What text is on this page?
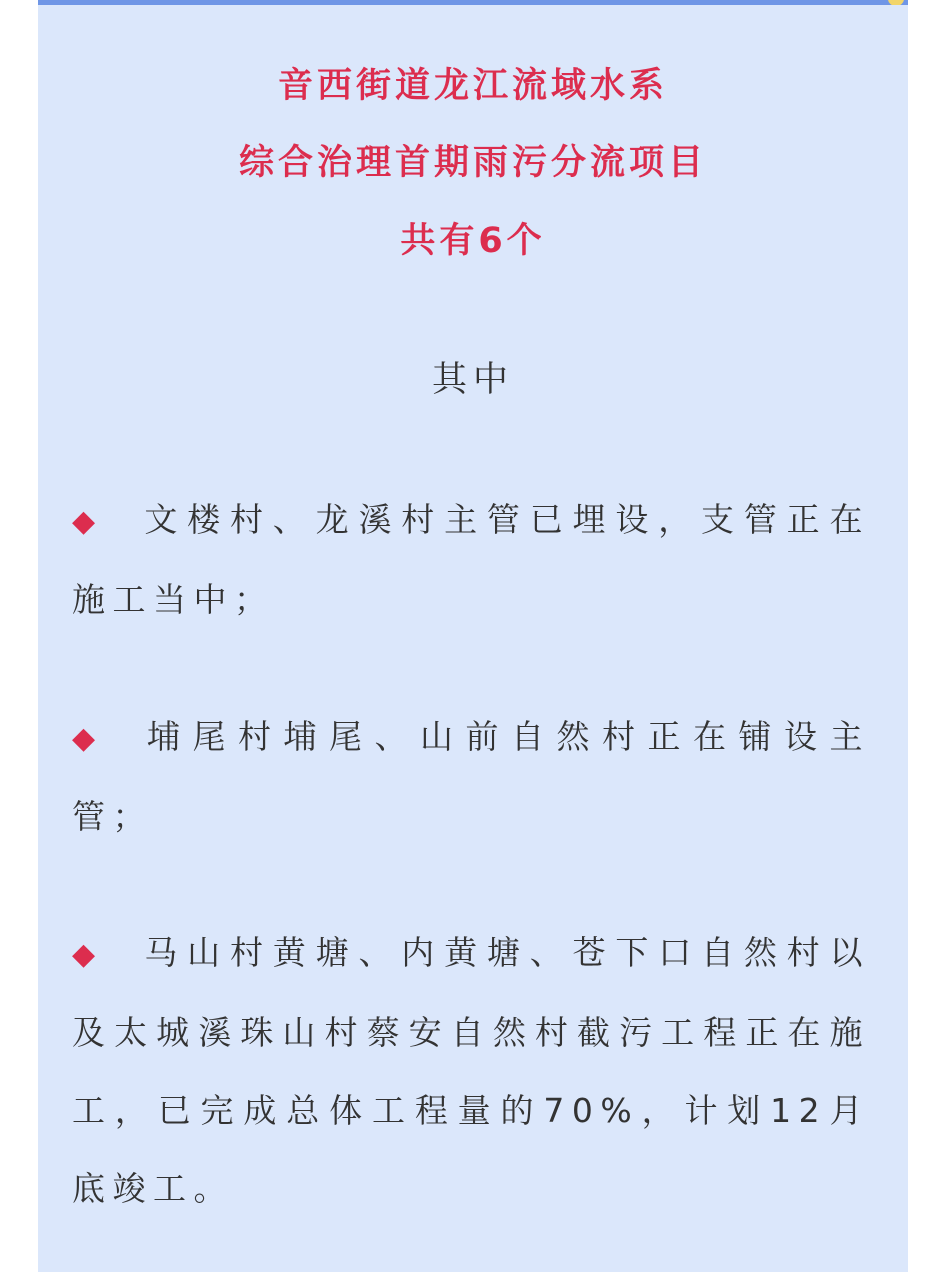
音西街道龙江流域水系
综合治理首期雨污分流项目
共有6个
其中
◆ 文楼村、龙溪村主管已埋设，支管正在施工当中；
◆ 埔尾村埔尾、山前自然村正在铺设主管；
◆ 马山村黄塘、内黄塘、苍下口自然村以及太城溪珠山村蔡安自然村截污工程正在施工，已完成总体工程量的70%，计划12月底竣工。
